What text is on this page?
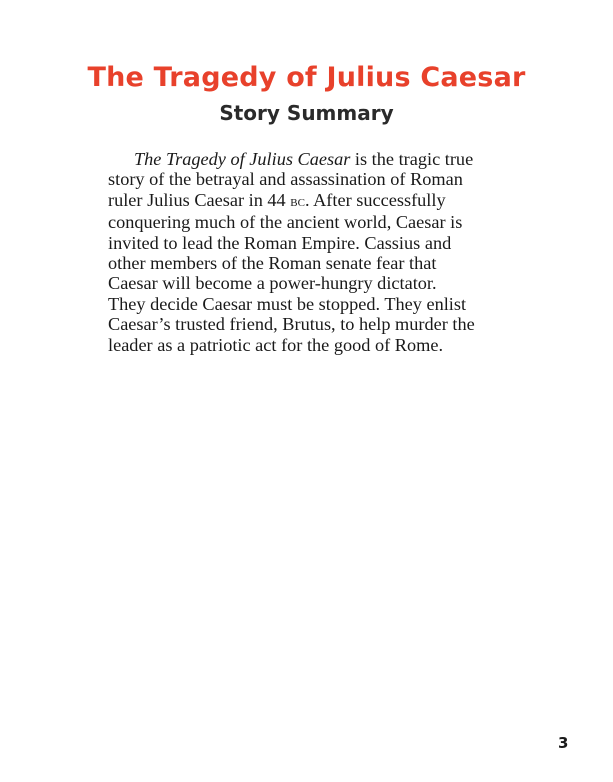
The Tragedy of Julius Caesar
Story Summary

The Tragedy of Julius Caesar is the tragic true
story of the betrayal and assassination of Roman
ruler Julius Caesar in 44 bc. After successfully
conquering much of the ancient world, Caesar is
invited to lead the Roman Empire. Cassius and
other members of the Roman senate fear that
Caesar will become a power-hungry dictator.
They decide Caesar must be stopped. They enlist
Caesar’s trusted friend, Brutus, to help murder the
leader as a patriotic act for the good of Rome.

3
